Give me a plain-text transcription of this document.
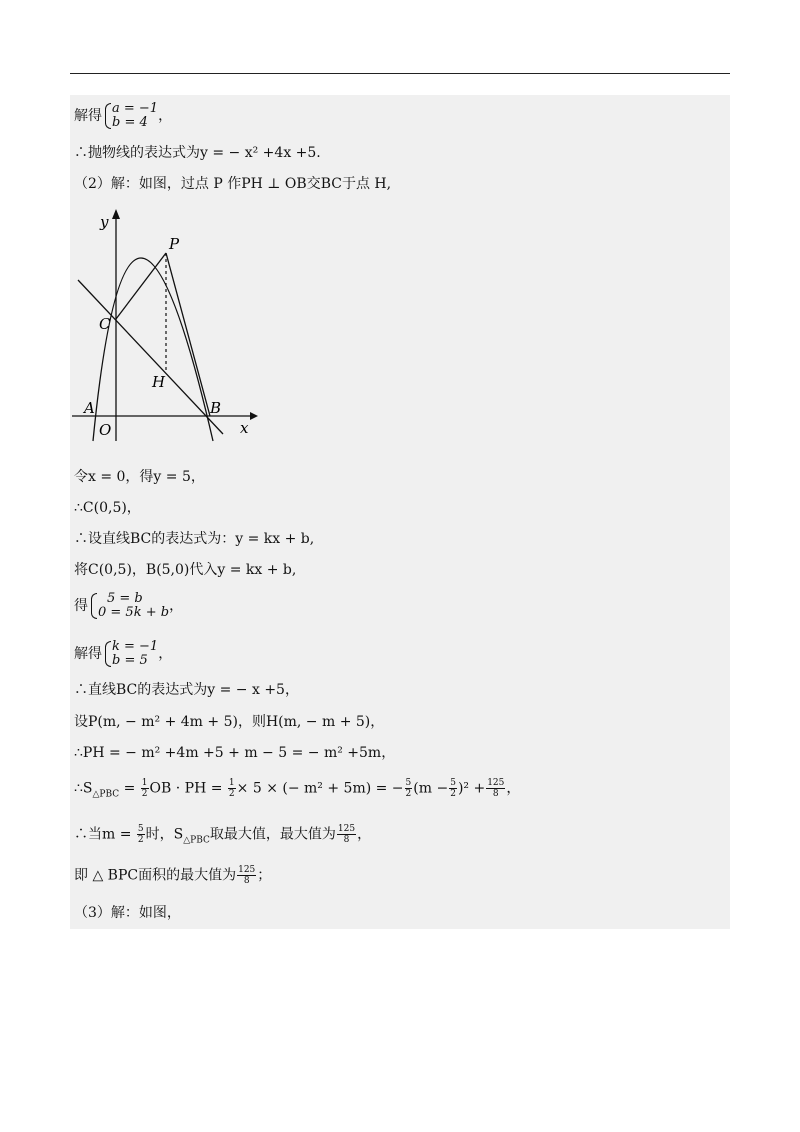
解得 a = −1
b = 4 ，
∴抛物线的表达式为y = − x² +4x +5.
（2）解：如图，过点 P 作PH ⊥ OB交BC于点 H,
y
x
P
C
H
A	B
O
令x = 0，得y = 5，
∴C(0,5)，
∴设直线BC的表达式为：y = kx + b,
将C(0,5)，B(5,0)代入y = kx + b,
得	5 = b
0 = 5k + b ，
解得 k = −1
b = 5 ，
∴直线BC的表达式为y = − x +5，
设P(m, − m² + 4m + 5)，则H(m, − m + 5)，
∴PH = − m² +4m +5 + m − 5 = − m² +5m，
$\therefore S_{\triangle PBC} = \frac{1}{2}$ OB · PH = $\frac{1}{2} \times 5$ × (− m² + 5m) = − $\frac{5}{2} (m - \frac{5}{2} )^2 + \frac{125}{8}$ ，
∴当$m = \frac{5}{2}$ 时，$S_{\triangle PBC}$取最大值，最大值为 $\frac{125}{8}$ ，
即 △ BPC面积的最大值为 $\frac{125}{8}$ ；
（3）解：如图，
